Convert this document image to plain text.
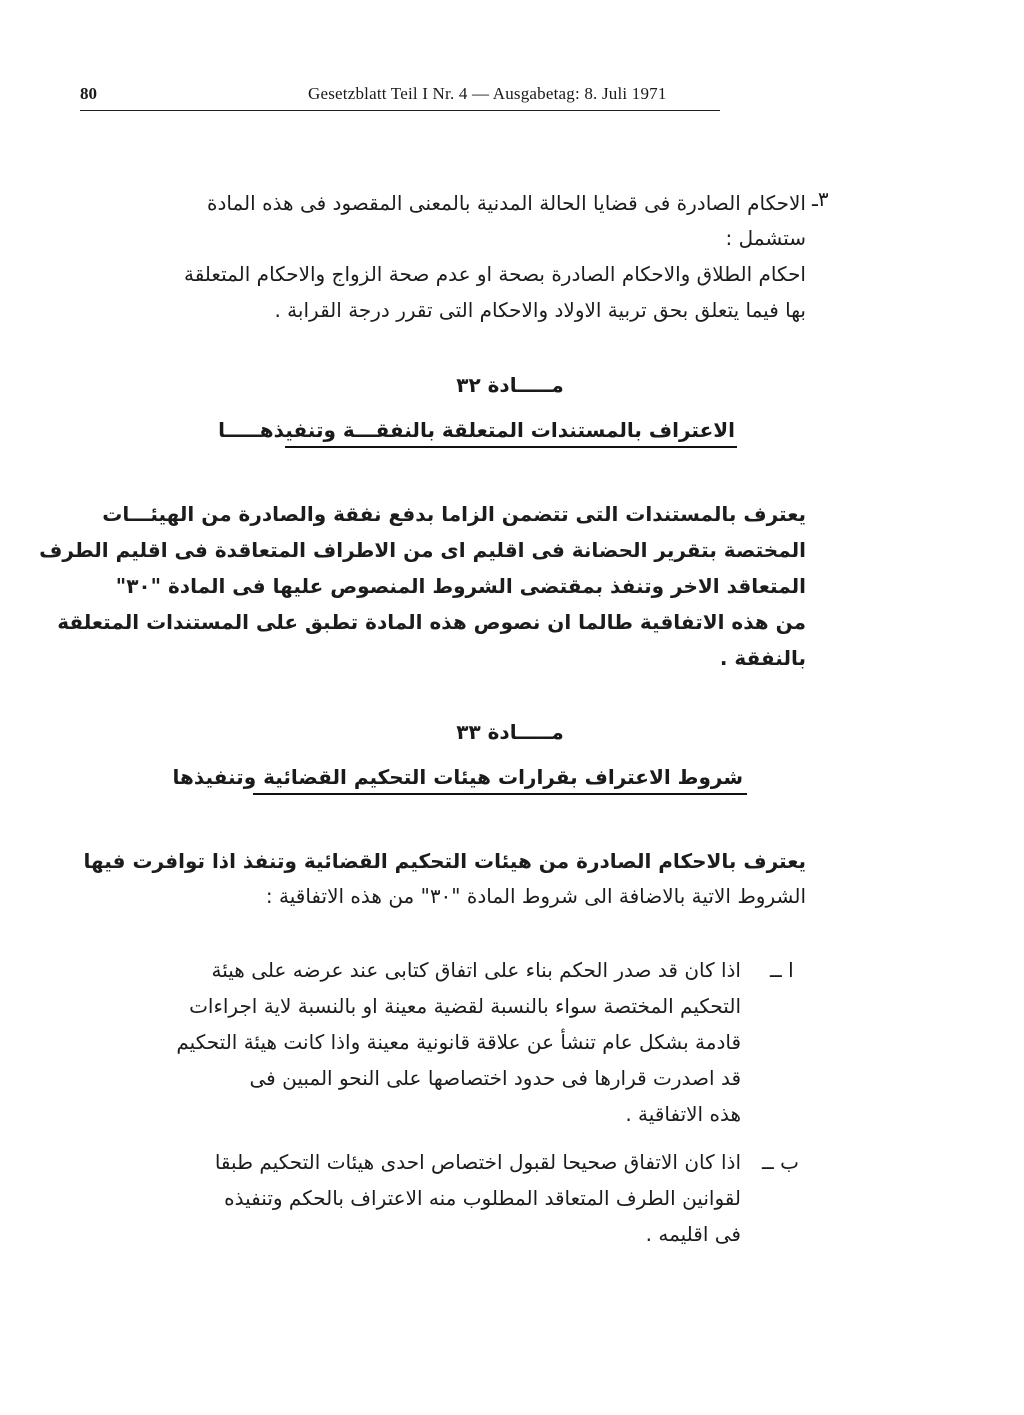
80	Gesetzblatt Teil I Nr. 4 — Ausgabetag: 8. Juli 1971
٣ـ
الاحكام الصادرة فى قضايا الحالة المدنية بالمعنى المقصود فى هذه المادة
ستشمل :
احكام الطلاق والاحكام الصادرة بصحة او عدم صحة الزواج والاحكام المتعلقة
بها فيما يتعلق بحق تربية الاولاد والاحكام التى تقرر درجة القرابة .
مـــــادة ٣٢
الاعتراف بالمستندات المتعلقة بالنفقـــة وتنفيذهـــــا
يعترف بالمستندات التى تتضمن الزاما بدفع نفقة والصادرة من الهيئـــات
المختصة بتقرير الحضانة فى اقليم اى من الاطراف المتعاقدة فى اقليم الطرف
المتعاقد الاخر وتنفذ بمقتضى الشروط المنصوص عليها فى المادة "٣٠"
من هذه الاتفاقية طالما ان نصوص هذه المادة تطبق على المستندات المتعلقة
بالنفقة .
مـــــادة ٣٣
شروط الاعتراف بقرارات هيئات التحكيم القضائية وتنفيذها
يعترف بالاحكام الصادرة من هيئات التحكيم القضائية وتنفذ اذا توافرت فيها
الشروط الاتية بالاضافة الى شروط المادة "٣٠" من هذه الاتفاقية :
ا ــ
اذا كان قد صدر الحكم بناء على اتفاق كتابى عند عرضه على هيئة
التحكيم المختصة سواء بالنسبة لقضية معينة او بالنسبة لاية اجراءات
قادمة بشكل عام تنشأ عن علاقة قانونية معينة واذا كانت هيئة التحكيم
قد اصدرت قرارها فى حدود اختصاصها على النحو المبين فى
هذه الاتفاقية .
ب ــ
اذا كان الاتفاق صحيحا لقبول اختصاص احدى هيئات التحكيم طبقا
لقوانين الطرف المتعاقد المطلوب منه الاعتراف بالحكم وتنفيذه
فى اقليمه .
